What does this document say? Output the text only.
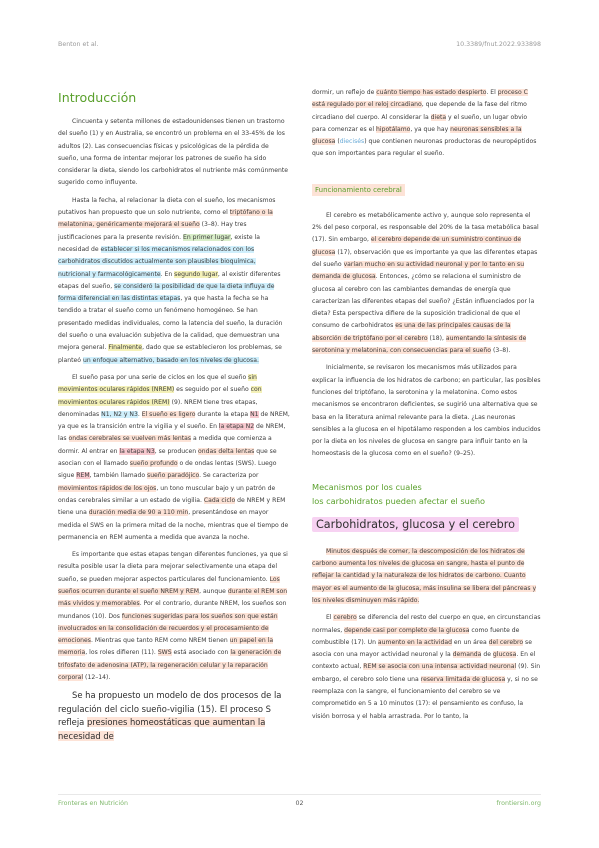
Benton et al.	10.3389/fnut.2022.933898
Introducción

Cincuenta y setenta millones de estadounidenses tienen un trastorno del sueño (1) y en Australia, se encontró un problema en el 33-45% de los adultos (2). Las consecuencias físicas y psicológicas de la pérdida de sueño, una forma de intentar mejorar los patrones de sueño ha sido considerar la dieta, siendo los carbohidratos el nutriente más comúnmente sugerido como influyente.

Hasta la fecha, al relacionar la dieta con el sueño, los mecanismos putativos han propuesto que un solo nutriente, como el triptófano o la melatonina, genéricamente mejorará el sueño (3–8). Hay tres justificaciones para la presente revisión. En primer lugar, existe la necesidad de establecer si los mecanismos relacionados con los carbohidratos discutidos actualmente son plausibles bioquímica, nutricional y farmacológicamente. En segundo lugar, al existir diferentes etapas del sueño, se consideró la posibilidad de que la dieta influya de forma diferencial en las distintas etapas, ya que hasta la fecha se ha tendido a tratar el sueño como un fenómeno homogéneo. Se han presentado medidas individuales, como la latencia del sueño, la duración del sueño o una evaluación subjetiva de la calidad, que demuestran una mejora general. Finalmente, dado que se establecieron los problemas, se planteó un enfoque alternativo, basado en los niveles de glucosa.

El sueño pasa por una serie de ciclos en los que el sueño sin movimientos oculares rápidos (NREM) es seguido por el sueño con movimientos oculares rápidos (REM) (9). NREM tiene tres etapas, denominadas N1, N2 y N3. El sueño es ligero durante la etapa N1 de NREM, ya que es la transición entre la vigilia y el sueño. En la etapa N2 de NREM, las ondas cerebrales se vuelven más lentas a medida que comienza a dormir. Al entrar en la etapa N3, se producen ondas delta lentas que se asocian con el llamado sueño profundo o de ondas lentas (SWS). Luego sigue REM, también llamado sueño paradójico. Se caracteriza por movimientos rápidos de los ojos, un tono muscular bajo y un patrón de ondas cerebrales similar a un estado de vigilia. Cada ciclo de NREM y REM tiene una duración media de 90 a 110 min, presentándose en mayor medida el SWS en la primera mitad de la noche, mientras que el tiempo de permanencia en REM aumenta a medida que avanza la noche.

Es importante que estas etapas tengan diferentes funciones, ya que si resulta posible usar la dieta para mejorar selectivamente una etapa del sueño, se pueden mejorar aspectos particulares del funcionamiento. Los sueños ocurren durante el sueño NREM y REM, aunque durante el REM son más vívidos y memorables. Por el contrario, durante NREM, los sueños son mundanos (10). Dos funciones sugeridas para los sueños son que están involucrados en la consolidación de recuerdos y el procesamiento de emociones. Mientras que tanto REM como NREM tienen un papel en la memoria, los roles difieren (11). SWS está asociado con la generación de trifosfato de adenosina (ATP), la regeneración celular y la reparación corporal (12–14).

Se ha propuesto un modelo de dos procesos de la regulación del ciclo sueño-vigilia (15). El proceso S refleja presiones homeostáticas que aumentan la necesidad de

dormir, un reflejo de cuánto tiempo has estado despierto. El proceso C está regulado por el reloj circadiano, que depende de la fase del ritmo circadiano del cuerpo. Al considerar la dieta y el sueño, un lugar obvio para comenzar es el hipotálamo, ya que hay neuronas sensibles a la glucosa (diecisés) que contienen neuronas productoras de neuropéptidos que son importantes para regular el sueño.

Funcionamiento cerebral

El cerebro es metabólicamente activo y, aunque solo representa el 2% del peso corporal, es responsable del 20% de la tasa metabólica basal (17). Sin embargo, el cerebro depende de un suministro continuo de glucosa (17), observación que es importante ya que las diferentes etapas del sueño varían mucho en su actividad neuronal y por lo tanto en su demanda de glucosa. Entonces, ¿cómo se relaciona el suministro de glucosa al cerebro con las cambiantes demandas de energía que caracterizan las diferentes etapas del sueño? ¿Están influenciados por la dieta? Esta perspectiva difiere de la suposición tradicional de que el consumo de carbohidratos es una de las principales causas de la absorción de triptófano por el cerebro (18), aumentando la síntesis de serotonina y melatonina, con consecuencias para el sueño (3–8).

Inicialmente, se revisaron los mecanismos más utilizados para explicar la influencia de los hidratos de carbono; en particular, las posibles funciones del triptófano, la serotonina y la melatonina. Como estos mecanismos se encontraron deficientes, se sugirió una alternativa que se basa en la literatura animal relevante para la dieta. ¿Las neuronas sensibles a la glucosa en el hipotálamo responden a los cambios inducidos por la dieta en los niveles de glucosa en sangre para influir tanto en la homeostasis de la glucosa como en el sueño? (9–25).

Mecanismos por los cuales
los carbohidratos pueden afectar el sueño
Carbohidratos, glucosa y el cerebro

Minutos después de comer, la descomposición de los hidratos de carbono aumenta los niveles de glucosa en sangre, hasta el punto de reflejar la cantidad y la naturaleza de los hidratos de carbono. Cuanto mayor es el aumento de la glucosa, más insulina se libera del páncreas y los niveles disminuyen más rápido.

El cerebro se diferencia del resto del cuerpo en que, en circunstancias normales, depende casi por completo de la glucosa como fuente de combustible (17). Un aumento en la actividad en un área del cerebro se asocia con una mayor actividad neuronal y la demanda de glucosa. En el contexto actual, REM se asocia con una intensa actividad neuronal (9). Sin embargo, el cerebro solo tiene una reserva limitada de glucosa y, si no se reemplaza con la sangre, el funcionamiento del cerebro se ve comprometido en 5 a 10 minutos (17): el pensamiento es confuso, la visión borrosa y el habla arrastrada. Por lo tanto, la

Fronteras en Nutrición	02	frontiersin.org
